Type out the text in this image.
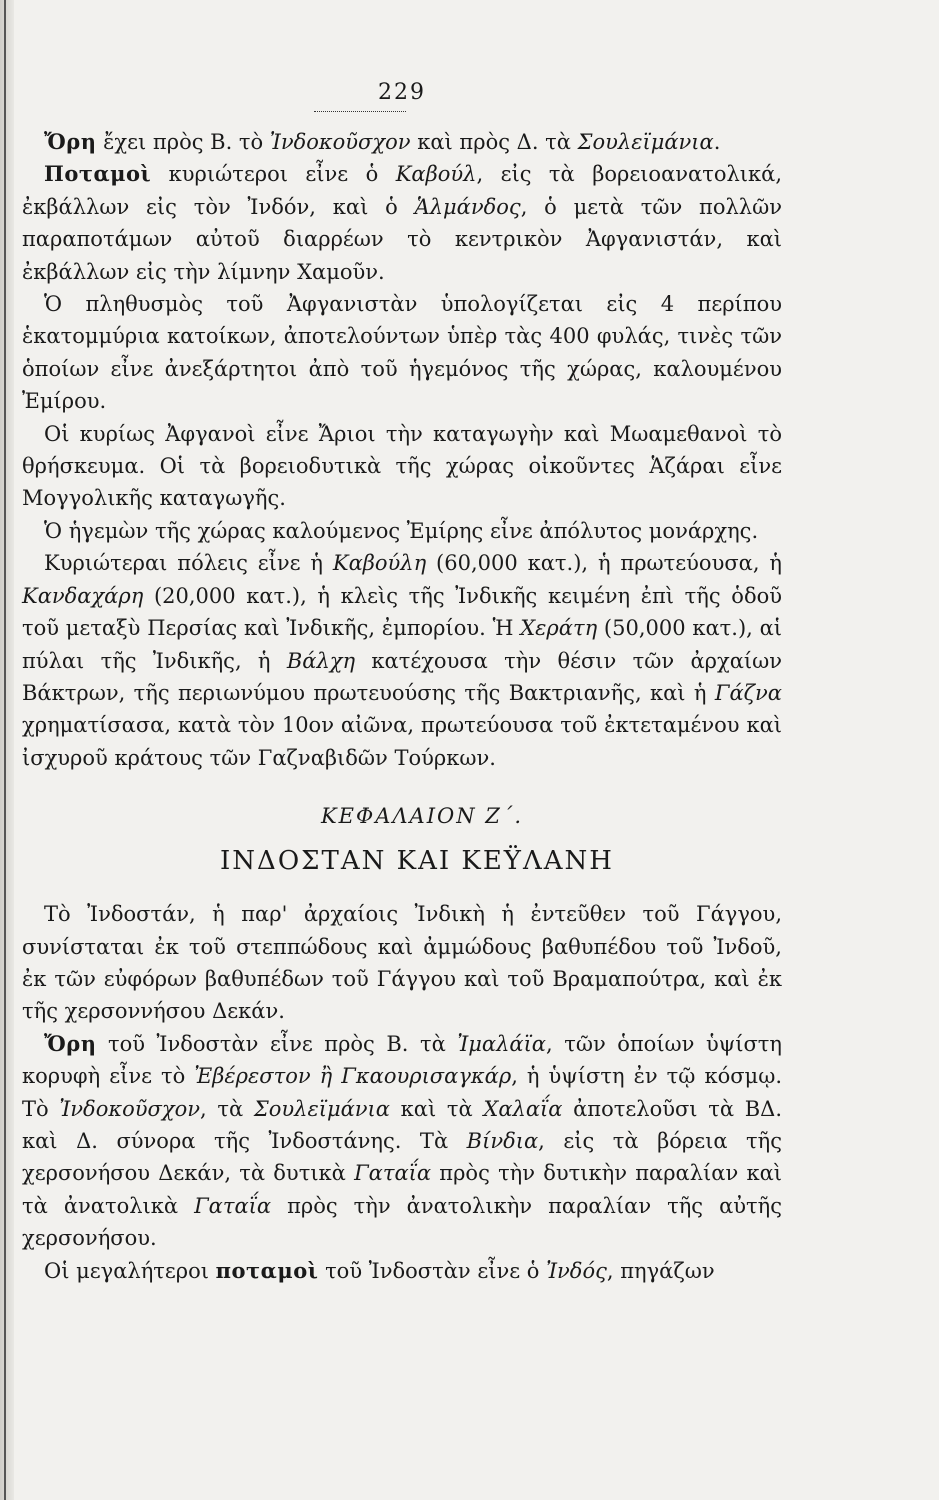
229

Ὄρη ἔχει πρὸς Β. τὸ Ἰνδοκοῦσχον καὶ πρὸς Δ. τὰ Σουλεϊμάνια.

Ποταμοὶ κυριώτεροι εἶνε ὁ Καβούλ, εἰς τὰ βορειοανατολικά, ἐκβάλλων εἰς τὸν Ἰνδόν, καὶ ὁ Ἁλμάνδος, ὁ μετὰ τῶν πολλῶν παραποτάμων αὐτοῦ διαρρέων τὸ κεντρικὸν Ἀφγανιστάν, καὶ ἐκβάλλων εἰς τὴν λίμνην Χαμοῦν.

Ὁ πληθυσμὸς τοῦ Ἀφγανιστὰν ὑπολογίζεται εἰς 4 περίπου ἑκατομμύρια κατοίκων, ἀποτελούντων ὑπὲρ τὰς 400 φυλάς, τινὲς τῶν ὁποίων εἶνε ἀνεξάρτητοι ἀπὸ τοῦ ἡγεμόνος τῆς χώρας, καλουμένου Ἐμίρου.

Οἱ κυρίως Ἀφγανοὶ εἶνε Ἄριοι τὴν καταγωγὴν καὶ Μωαμεθανοὶ τὸ θρήσκευμα. Οἱ τὰ βορειοδυτικὰ τῆς χώρας οἰκοῦντες Ἁζάραι εἶνε Μογγολικῆς καταγωγῆς.

Ὁ ἡγεμὼν τῆς χώρας καλούμενος Ἐμίρης εἶνε ἀπόλυτος μονάρχης.

Κυριώτεραι πόλεις εἶνε ἡ Καβούλη (60,000 κατ.), ἡ πρωτεύουσα, ἡ Κανδαχάρη (20,000 κατ.), ἡ κλεὶς τῆς Ἰνδικῆς κειμένη ἐπὶ τῆς ὁδοῦ τοῦ μεταξὺ Περσίας καὶ Ἰνδικῆς, ἐμπορίου. Ἡ Χεράτη (50,000 κατ.), αἱ πύλαι τῆς Ἰνδικῆς, ἡ Βάλχη κατέχουσα τὴν θέσιν τῶν ἀρχαίων Βάκτρων, τῆς περιωνύμου πρωτευούσης τῆς Βακτριανῆς, καὶ ἡ Γάζνα χρηματίσασα, κατὰ τὸν 10ον αἰῶνα, πρωτεύουσα τοῦ ἐκτεταμένου καὶ ἰσχυροῦ κράτους τῶν Γαζναβιδῶν Τούρκων.

ΚΕΦΑΛΑΙΟΝ Ζ΄.
ΙΝΔΟΣΤΑΝ ΚΑΙ ΚΕΫΛΑΝΗ

Τὸ Ἰνδοστάν, ἡ παρ' ἀρχαίοις Ἰνδικὴ ἡ ἐντεῦθεν τοῦ Γάγγου, συνίσταται ἐκ τοῦ στεππώδους καὶ ἀμμώδους βαθυπέδου τοῦ Ἰνδοῦ, ἐκ τῶν εὐφόρων βαθυπέδων τοῦ Γάγγου καὶ τοῦ Βραμαπούτρα, καὶ ἐκ τῆς χερσοννήσου Δεκάν.

Ὄρη τοῦ Ἰνδοστὰν εἶνε πρὸς Β. τὰ Ἰμαλάϊα, τῶν ὁποίων ὑψίστη κορυφὴ εἶνε τὸ Ἐβέρεστον ἢ Γκαουρισαγκάρ, ἡ ὑψίστη ἐν τῷ κόσμῳ. Τὸ Ἰνδοκοῦσχον, τὰ Σουλεϊμάνια καὶ τὰ Χαλαΐα ἀποτελοῦσι τὰ ΒΔ. καὶ Δ. σύνορα τῆς Ἰνδοστάνης. Τὰ Βίνδια, εἰς τὰ βόρεια τῆς χερσονήσου Δεκάν, τὰ δυτικὰ Γαταΐα πρὸς τὴν δυτικὴν παραλίαν καὶ τὰ ἀνατολικὰ Γαταΐα πρὸς τὴν ἀνατολικὴν παραλίαν τῆς αὐτῆς χερσονήσου.

Οἱ μεγαλήτεροι ποταμοὶ τοῦ Ἰνδοστὰν εἶνε ὁ Ἰνδός, πηγάζων
